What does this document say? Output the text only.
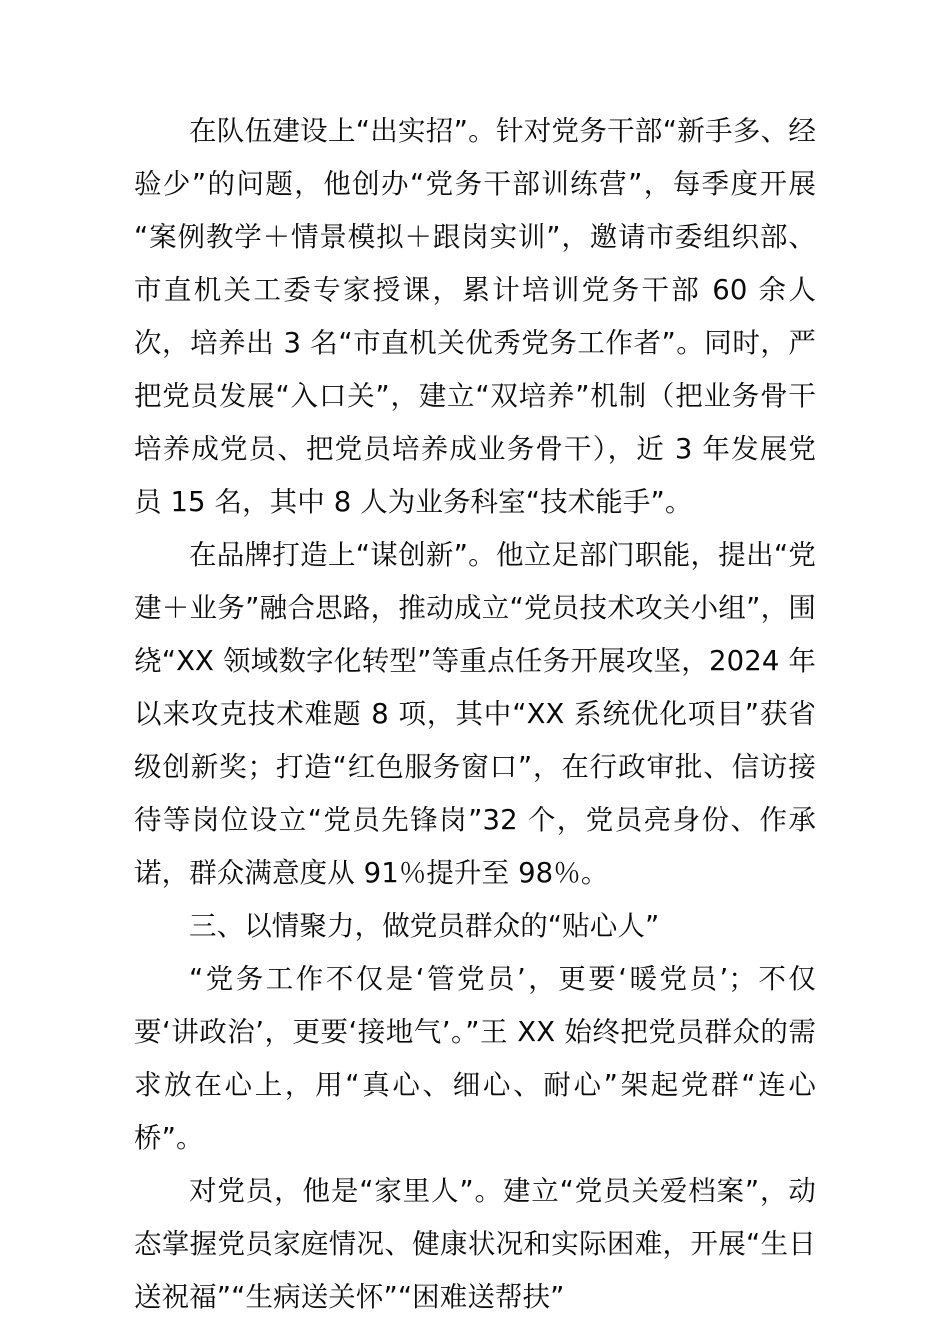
在队伍建设上“出实招”。针对党务干部“新手多、经验少”的问题，他创办“党务干部训练营”，每季度开展“案例教学＋情景模拟＋跟岗实训”，邀请市委组织部、市直机关工委专家授课，累计培训党务干部 60 余人次，培养出 3 名“市直机关优秀党务工作者”。同时，严把党员发展“入口关”，建立“双培养”机制（把业务骨干培养成党员、把党员培养成业务骨干），近 3 年发展党员 15 名，其中 8 人为业务科室“技术能手”。

在品牌打造上“谋创新”。他立足部门职能，提出“党建＋业务”融合思路，推动成立“党员技术攻关小组”，围绕“XX 领域数字化转型”等重点任务开展攻坚，2024 年以来攻克技术难题 8 项，其中“XX 系统优化项目”获省级创新奖；打造“红色服务窗口”，在行政审批、信访接待等岗位设立“党员先锋岗”32 个，党员亮身份、作承诺，群众满意度从 91％提升至 98％。

三、以情聚力，做党员群众的“贴心人”

“党务工作不仅是‘管党员’，更要‘暖党员’；不仅要‘讲政治’，更要‘接地气’。”王 XX 始终把党员群众的需求放在心上，用“真心、细心、耐心”架起党群“连心桥”。

对党员，他是“家里人”。建立“党员关爱档案”，动态掌握党员家庭情况、健康状况和实际困难，开展“生日送祝福”“生病送关怀”“困难送帮扶”
